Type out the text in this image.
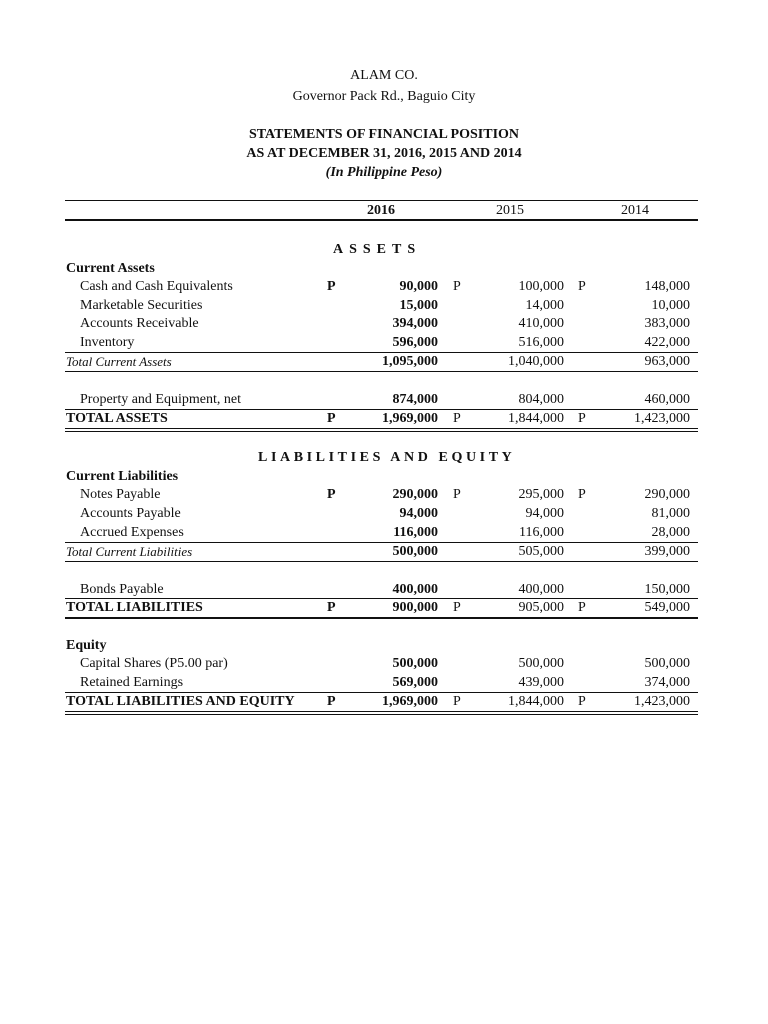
ALAM CO.
Governor Pack Rd., Baguio City
STATEMENTS OF FINANCIAL POSITION
AS AT DECEMBER 31, 2016, 2015 AND 2014
(In Philippine Peso)
2016	2015	2014
ASSETS
Current Assets
Cash and Cash Equivalents	P	90,000 P	100,000 P	148,000
Marketable Securities	15,000	14,000	10,000
Accounts Receivable	394,000	410,000	383,000
Inventory	596,000	516,000	422,000
Total Current Assets	1,095,000	1,040,000	963,000
Property and Equipment, net	874,000	804,000	460,000
TOTAL ASSETS	P	1,969,000 P	1,844,000 P	1,423,000
LIABILITIES AND EQUITY
Current Liabilities
Notes Payable	P	290,000 P	295,000 P	290,000
Accounts Payable	94,000	94,000	81,000
Accrued Expenses	116,000	116,000	28,000
Total Current Liabilities	500,000	505,000	399,000
Bonds Payable	400,000	400,000	150,000
TOTAL LIABILITIES	P	900,000 P	905,000 P	549,000
Equity
Capital Shares (P5.00 par)	500,000	500,000	500,000
Retained Earnings	569,000	439,000	374,000
TOTAL LIABILITIES AND EQUITY P	1,969,000 P	1,844,000 P	1,423,000
